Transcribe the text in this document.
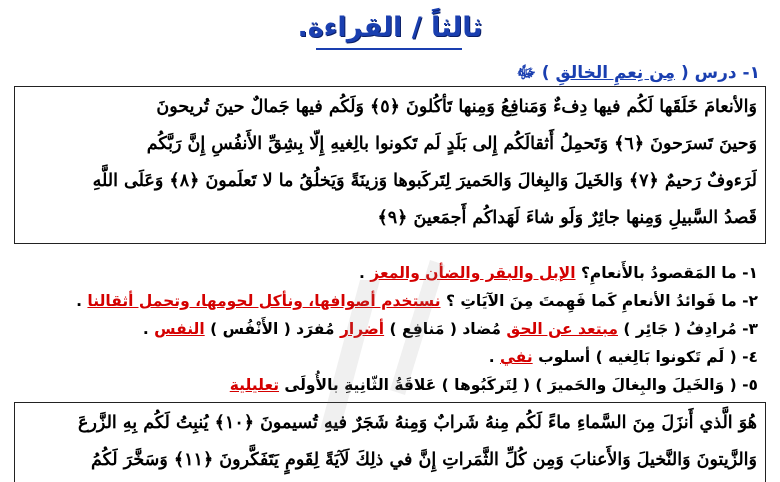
ثالثاً / القراءة.
١- درس ( مِن نِعمِ الخالقِ ) ﷻ
وَالأنعامَ خَلَقَها لَكُم فيها دِفءٌ وَمَنافِعُ وَمِنها تَأكُلونَ ﴿٥﴾ وَلَكُم فيها جَمالٌ حينَ تُريحونَ
وَحينَ تَسرَحونَ ﴿٦﴾ وَتَحمِلُ أَثقالَكُم إِلى بَلَدٍ لَم تَكونوا بالِغيهِ إِلّا بِشِقِّ الأَنفُسِ إِنَّ رَبَّكُم
لَرَءوفٌ رَحيمٌ ﴿٧﴾ وَالخَيلَ وَالبِغالَ وَالحَميرَ لِتَركَبوها وَزينَةً وَيَخلُقُ ما لا تَعلَمونَ ﴿٨﴾ وَعَلَى اللَّهِ
قَصدُ السَّبيلِ وَمِنها جائِرٌ وَلَو شاءَ لَهَداكُم أَجمَعينَ ﴿٩﴾
١- ما المَقصودُ بالأَنعامِ؟ الإبل والبقر والضأن والمعز .
٢- ما فَوائدُ الأنعامِ كَما فَهِمتَ مِنَ الآيَاتِ ؟ نستخدم أصوافها، ونأكل لحومها، وتحمل أثقالنا .
٣- مُرادِفُ ( جَائِر ) مبتعد عن الحق مُضاد ( مَنافِع ) أضرار مُفرَد ( الأَنْفُس ) النفس .
٤- ( لَم تَكونوا بَالِغيه ) أسلوب نفي .
٥- ( وَالخَيلَ والبِغالَ والحَميرَ ) ( لِتَركَبُوها ) عَلاقَةُ الثّانِيةِ بالأُولَى تعليلية
هُوَ الَّذي أَنزَلَ مِنَ السَّماءِ ماءً لَكُم مِنهُ شَرابٌ وَمِنهُ شَجَرٌ فيهِ تُسيمونَ ﴿١٠﴾ يُنبِتُ لَكُم بِهِ الزَّرعَ
وَالزَّيتونَ وَالنَّخيلَ وَالأَعنابَ وَمِن كُلِّ الثَّمَراتِ إِنَّ في ذلِكَ لَآيَةً لِقَومٍ يَتَفَكَّرونَ ﴿١١﴾ وَسَخَّرَ لَكُمُ
